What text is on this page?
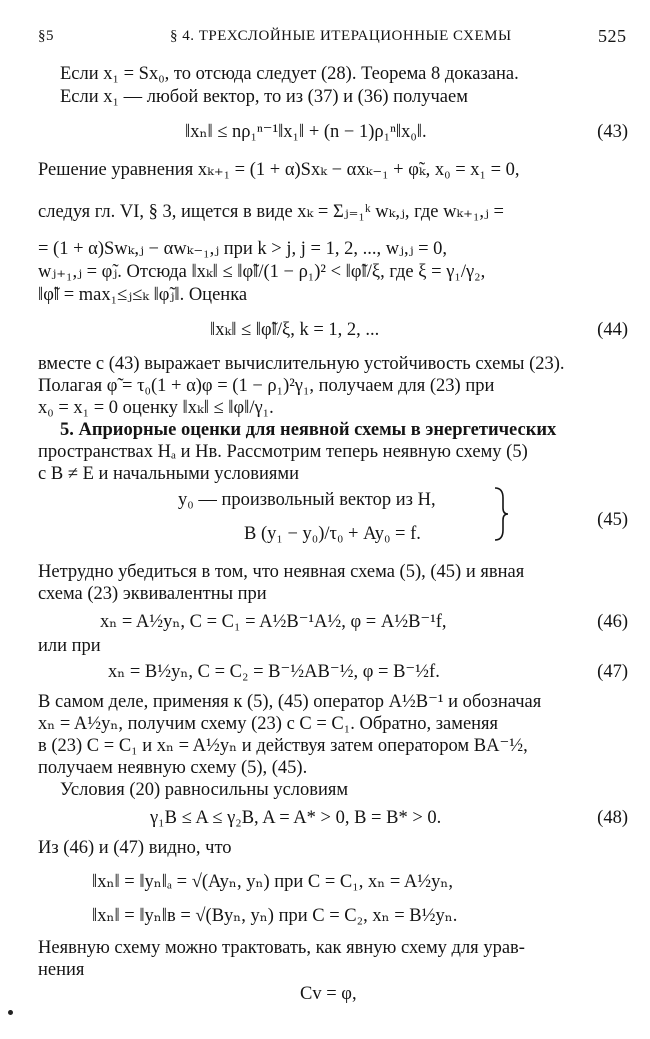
§5	§ 4. ТРЕХСЛОЙНЫЕ ИТЕРАЦИОННЫЕ СХЕМЫ	525
Если x₁ = Sx₀, то отсюда следует (28). Теорема 8 доказана.
Если x₁ — любой вектор, то из (37) и (36) получаем
‖xₙ‖ ≤ nρ₁ⁿ⁻¹‖x₁‖ + (n − 1)ρ₁ⁿ‖x₀‖.
Решение уравнения xₖ₊₁ = (1 + α)Sxₖ − αxₖ₋₁ + φ̃ₖ, x₀ = x₁ = 0,
следуя гл. VI, § 3, ищется в виде xₖ = Σⱼ₌₁ᵏ wₖ,ⱼ, где wₖ₊₁,ⱼ =
= (1 + α)Swₖ,ⱼ − αwₖ₋₁,ⱼ при k > j, j = 1, 2, ..., wⱼ,ⱼ = 0,
wⱼ₊₁,ⱼ = φ̃ⱼ. Отсюда ‖xₖ‖ ≤ ‖φ̃‖/(1 − ρ₁)² < ‖φ̃‖/ξ, где ξ = γ₁/γ₂,
‖φ̃‖ = max₁≤ⱼ≤ₖ ‖φ̃ⱼ‖. Оценка
‖xₖ‖ ≤ ‖φ̃‖/ξ, k = 1, 2, ...
вместе с (43) выражает вычислительную устойчивость схемы (23).
Полагая φ̃ = τ₀(1 + α)φ = (1 − ρ₁)²γ₁, получаем для (23) при
x₀ = x₁ = 0 оценку ‖xₖ‖ ≤ ‖φ‖/γ₁.
5. Априорные оценки для неявной схемы в энергетических
пространствах Hₐ и Hв. Рассмотрим теперь неявную схему (5)
с B ≠ E и начальными условиями
y₀ — произвольный вектор из H,
B (y₁ − y₀)/τ₀ + Ay₀ = f.
Нетрудно убедиться в том, что неявная схема (5), (45) и явная
схема (23) эквивалентны при
xₙ = A½yₙ, C = C₁ = A½B⁻¹A½, φ = A½B⁻¹f,
или при
xₙ = B½yₙ, C = C₂ = B⁻½AB⁻½, φ = B⁻½f.
В самом деле, применяя к (5), (45) оператор A½B⁻¹ и обозначая
xₙ = A½yₙ, получим схему (23) с C = C₁. Обратно, заменяя
в (23) C = C₁ и xₙ = A½yₙ и действуя затем оператором BA⁻½,
получаем неявную схему (5), (45).
Условия (20) равносильны условиям
γ₁B ≤ A ≤ γ₂B, A = A* > 0, B = B* > 0.
Из (46) и (47) видно, что
‖xₙ‖ = ‖yₙ‖ₐ = √(Ayₙ, yₙ) при C = C₁, xₙ = A½yₙ,
‖xₙ‖ = ‖yₙ‖в = √(Byₙ, yₙ) при C = C₂, xₙ = B½yₙ.
Неявную схему можно трактовать, как явную схему для урав-
нения
Cv = φ,
(43)
(44)
(45)
(46)
(47)
(48)
